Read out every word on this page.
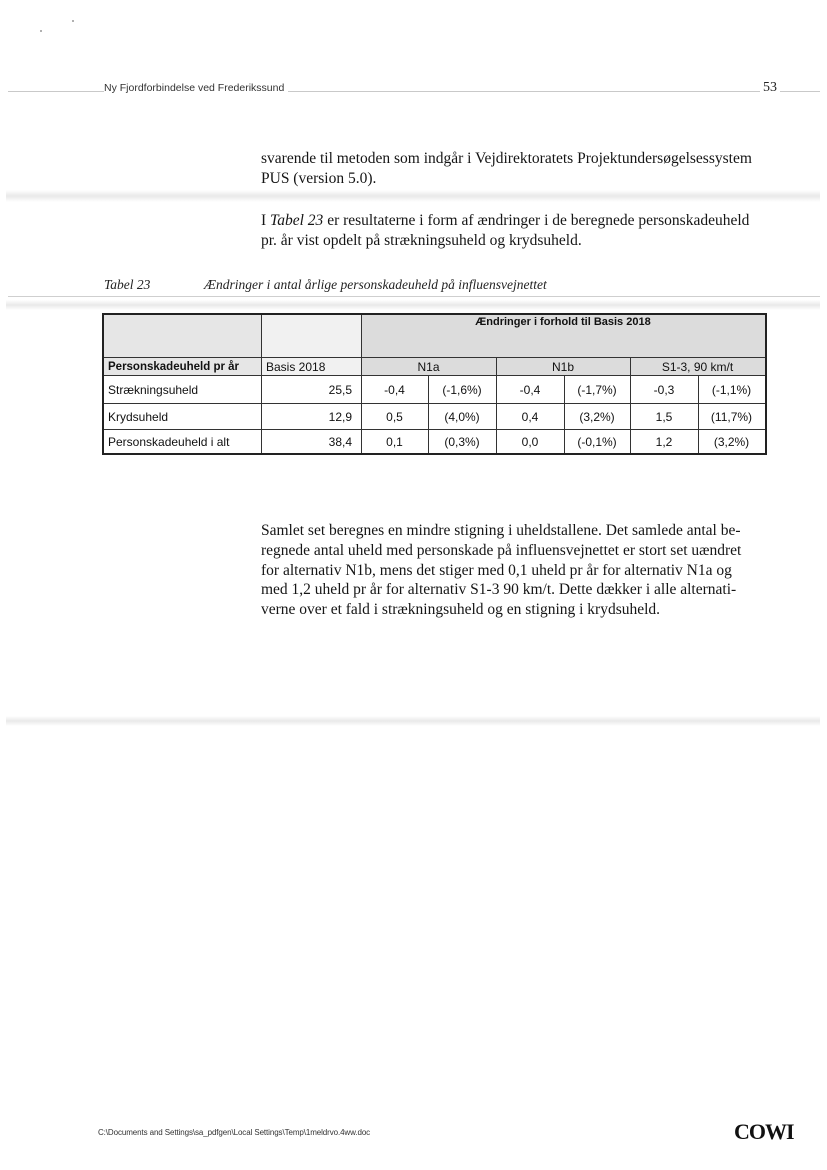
Ny Fjordforbindelse ved Frederikssund	53
svarende til metoden som indgår i Vejdirektoratets Projektundersøgelsessystem
PUS (version 5.0).
I Tabel 23 er resultaterne i form af ændringer i de beregnede personskadeuheld
pr. år vist opdelt på strækningsuheld og krydsuheld.
Tabel 23	Ændringer i antal årlige personskadeuheld på influensvejnettet
Ændringer i forhold til Basis 2018
Personskadeuheld pr år	Basis 2018	N1a	N1b	S1-3, 90 km/t
Strækningsuheld	25,5	-0,4	(-1,6%)	-0,4	(-1,7%)	-0,3	(-1,1%)
Krydsuheld	12,9	0,5	(4,0%)	0,4	(3,2%)	1,5	(11,7%)
Personskadeuheld i alt	38,4	0,1	(0,3%)	0,0	(-0,1%)	1,2	(3,2%)
Samlet set beregnes en mindre stigning i uheldstallene. Det samlede antal be-
regnede antal uheld med personskade på influensvejnettet er stort set uændret
for alternativ N1b, mens det stiger med 0,1 uheld pr år for alternativ N1a og
med 1,2 uheld pr år for alternativ S1-3 90 km/t. Dette dækker i alle alternati-
verne over et fald i strækningsuheld og en stigning i krydsuheld.
C:\Documents and Settings\sa_pdfgen\Local Settings\Temp\1meldrvo.4ww.doc	COWI
